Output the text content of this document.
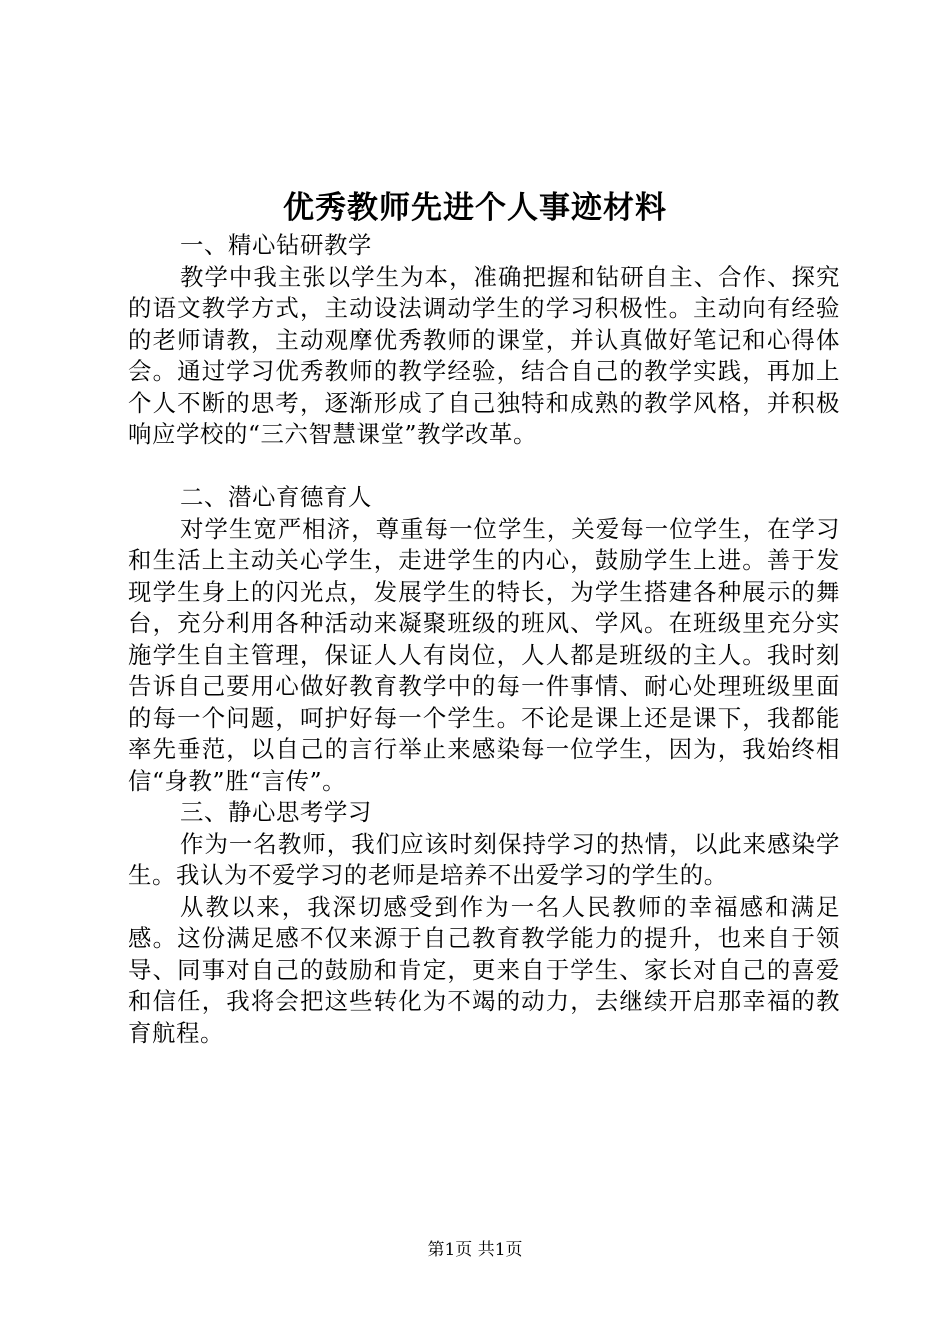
优秀教师先进个人事迹材料

一、精心钻研教学

教学中我主张以学生为本，准确把握和钻研自主、合作、探究的语文教学方式，主动设法调动学生的学习积极性。主动向有经验的老师请教，主动观摩优秀教师的课堂，并认真做好笔记和心得体会。通过学习优秀教师的教学经验，结合自己的教学实践，再加上个人不断的思考，逐渐形成了自己独特和成熟的教学风格，并积极响应学校的“三六智慧课堂”教学改革。

二、潜心育德育人

对学生宽严相济，尊重每一位学生，关爱每一位学生，在学习和生活上主动关心学生，走进学生的内心，鼓励学生上进。善于发现学生身上的闪光点，发展学生的特长，为学生搭建各种展示的舞台，充分利用各种活动来凝聚班级的班风、学风。在班级里充分实施学生自主管理，保证人人有岗位，人人都是班级的主人。我时刻告诉自己要用心做好教育教学中的每一件事情、耐心处理班级里面的每一个问题，呵护好每一个学生。不论是课上还是课下，我都能率先垂范，以自己的言行举止来感染每一位学生，因为，我始终相信“身教”胜“言传”。

三、静心思考学习

作为一名教师，我们应该时刻保持学习的热情，以此来感染学生。我认为不爱学习的老师是培养不出爱学习的学生的。

从教以来，我深切感受到作为一名人民教师的幸福感和满足感。这份满足感不仅来源于自己教育教学能力的提升，也来自于领导、同事对自己的鼓励和肯定，更来自于学生、家长对自己的喜爱和信任，我将会把这些转化为不竭的动力，去继续开启那幸福的教育航程。

第1页 共1页
